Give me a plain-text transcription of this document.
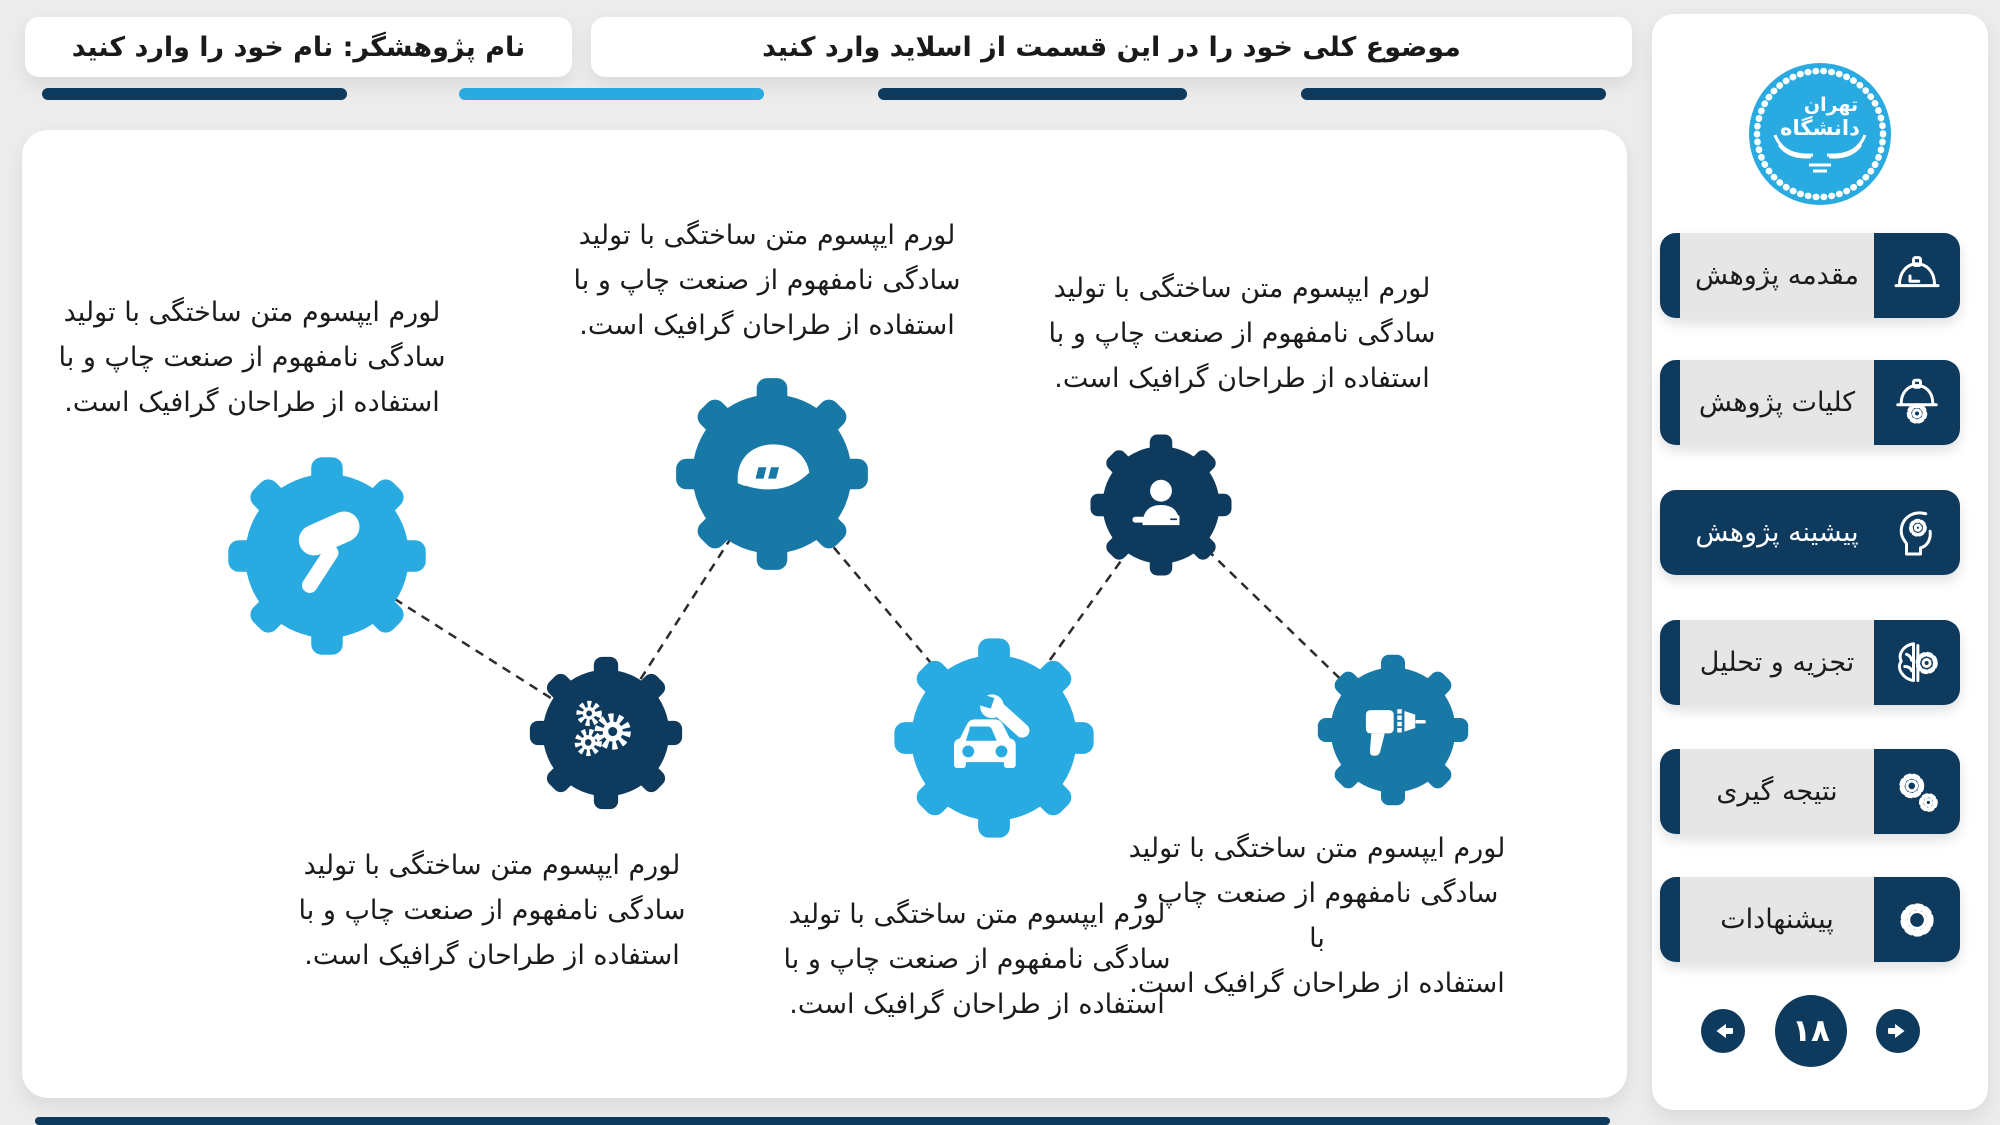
نام پژوهشگر: نام خود را وارد کنید	موضوع کلی خود را در این قسمت از اسلاید وارد کنید
لورم ایپسوم متن ساختگی با تولید
سادگی نامفهوم از صنعت چاپ و با
استفاده از طراحان گرافیک است.
لورم ایپسوم متن ساختگی با تولید
سادگی نامفهوم از صنعت چاپ و با
استفاده از طراحان گرافیک است.
لورم ایپسوم متن ساختگی با تولید
سادگی نامفهوم از صنعت چاپ و با
استفاده از طراحان گرافیک است.
لورم ایپسوم متن ساختگی با تولید
سادگی نامفهوم از صنعت چاپ و با
استفاده از طراحان گرافیک است.
لورم ایپسوم متن ساختگی با تولید
سادگی نامفهوم از صنعت چاپ و با
استفاده از طراحان گرافیک است.
لورم ایپسوم متن ساختگی با تولید
سادگی نامفهوم از صنعت چاپ و با
استفاده از طراحان گرافیک است.
تهران
دانشگاه
مقدمه پژوهش
کلیات پژوهش
پیشینه پژوهش
تجزیه و تحلیل
نتیجه گیری
پیشنهادات
۱۸
